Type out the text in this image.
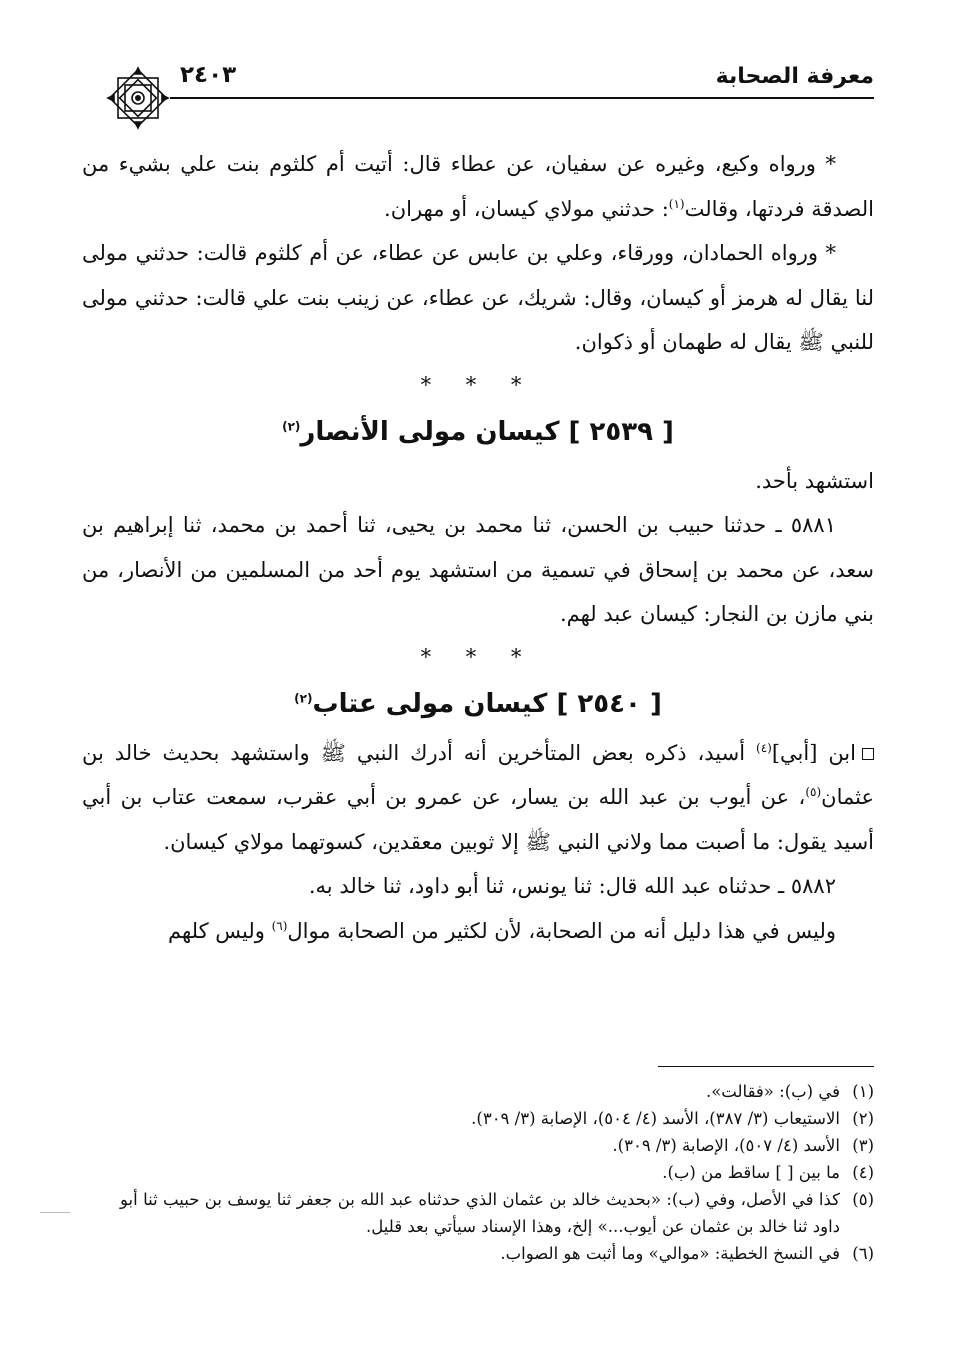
معرفة الصحابة
٢٤٠٣

* ورواه وكيع، وغيره عن سفيان، عن عطاء قال: أتيت أم كلثوم بنت علي بشيء من الصدقة فردتها، وقالت$^{(١)}$: حدثني مولاي كيسان، أو مهران.

* ورواه الحمادان، وورقاء، وعلي بن عابس عن عطاء، عن أم كلثوم قالت: حدثني مولى لنا يقال له هرمز أو كيسان، وقال: شريك، عن عطاء، عن زينب بنت علي قالت: حدثني مولى للنبي ﷺ يقال له طهمان أو ذكوان.

* * *

[ ٢٥٣٩ ] كيسان مولى الأنصار$^{(٢)}$

استشهد بأحد.

٥٨٨١ ـ حدثنا حبيب بن الحسن، ثنا محمد بن يحيى، ثنا أحمد بن محمد، ثنا إبراهيم بن سعد، عن محمد بن إسحاق في تسمية من استشهد يوم أحد من المسلمين من الأنصار، من بني مازن بن النجار: كيسان عبد لهم.

* * *

[ ٢٥٤٠ ] كيسان مولى عتاب$^{(٢)}$

ابن [أبي]$^{(٤)}$ أسيد، ذكره بعض المتأخرين أنه أدرك النبي ﷺ واستشهد بحديث خالد بن عثمان$^{(٥)}$، عن أيوب بن عبد الله بن يسار، عن عمرو بن أبي عقرب، سمعت عتاب بن أبي أسيد يقول: ما أصبت مما ولاني النبي ﷺ إلا ثوبين معقدين، كسوتهما مولاي كيسان.

٥٨٨٢ ـ حدثناه عبد الله قال: ثنا يونس، ثنا أبو داود، ثنا خالد به.

وليس في هذا دليل أنه من الصحابة، لأن لكثير من الصحابة موال$^{(٦)}$ وليس كلهم

(١)في (ب): «فقالت».

(٢)الاستيعاب (٣/ ٣٨٧)، الأسد (٤/ ٥٠٤)، الإصابة (٣/ ٣٠٩).

(٣)الأسد (٤/ ٥٠٧)، الإصابة (٣/ ٣٠٩).

(٤)ما بين [ ] ساقط من (ب).

(٥)كذا في الأصل، وفي (ب): «بحديث خالد بن عثمان الذي حدثناه عبد الله بن جعفر ثنا يوسف بن حبيب ثنا أبو داود ثنا خالد بن عثمان عن أيوب...» إلخ، وهذا الإسناد سيأتي بعد قليل.

(٦)في النسخ الخطية: «موالي» وما أثبت هو الصواب.
